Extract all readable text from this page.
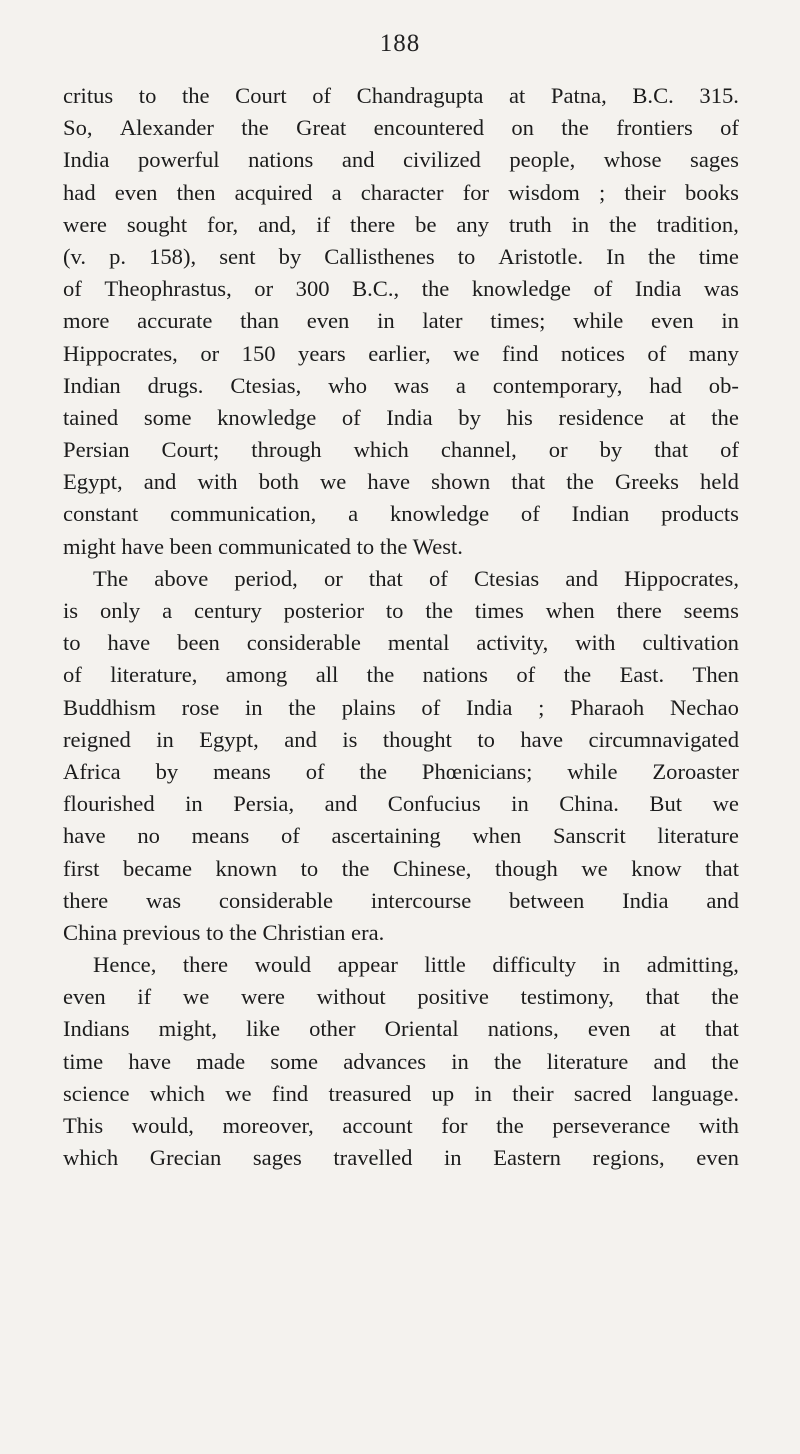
188
critus to the Court of Chandragupta at Patna, B.C. 315.
So, Alexander the Great encountered on the frontiers of
India powerful nations and civilized people, whose sages
had even then acquired a character for wisdom ; their books
were sought for, and, if there be any truth in the tradition,
(v. p. 158), sent by Callisthenes to Aristotle. In the time
of Theophrastus, or 300 B.C., the knowledge of India was
more accurate than even in later times; while even in
Hippocrates, or 150 years earlier, we find notices of many
Indian drugs. Ctesias, who was a contemporary, had ob-
tained some knowledge of India by his residence at the
Persian Court; through which channel, or by that of
Egypt, and with both we have shown that the Greeks held
constant communication, a knowledge of Indian products
might have been communicated to the West.
The above period, or that of Ctesias and Hippocrates,
is only a century posterior to the times when there seems
to have been considerable mental activity, with cultivation
of literature, among all the nations of the East. Then
Buddhism rose in the plains of India ; Pharaoh Nechao
reigned in Egypt, and is thought to have circumnavigated
Africa by means of the Phœnicians; while Zoroaster
flourished in Persia, and Confucius in China. But we
have no means of ascertaining when Sanscrit literature
first became known to the Chinese, though we know that
there was considerable intercourse between India and
China previous to the Christian era.
Hence, there would appear little difficulty in admitting,
even if we were without positive testimony, that the
Indians might, like other Oriental nations, even at that
time have made some advances in the literature and the
science which we find treasured up in their sacred language.
This would, moreover, account for the perseverance with
which Grecian sages travelled in Eastern regions, even
